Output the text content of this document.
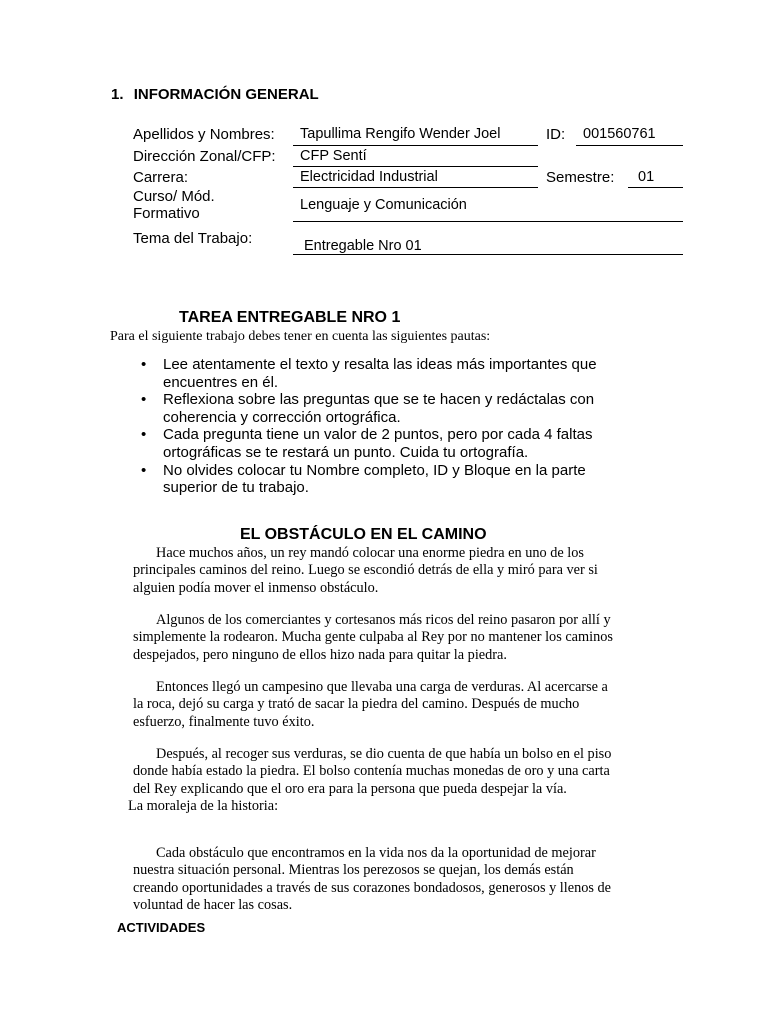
1. INFORMACIÓN GENERAL
Apellidos y Nombres: Tapullima Rengifo Wender Joel	ID: 001560761
Dirección Zonal/CFP: CFP Sentí
Carrera:	Electricidad Industrial	Semestre: 01
Curso/ Mód.
Formativo	Lenguaje y Comunicación
Tema del Trabajo:	Entregable Nro 01
TAREA ENTREGABLE NRO 1
Para el siguiente trabajo debes tener en cuenta las siguientes pautas:
• Lee atentamente el texto y resalta las ideas más importantes que
encuentres en él.
• Reflexiona sobre las preguntas que se te hacen y redáctalas con
coherencia y corrección ortográfica.
• Cada pregunta tiene un valor de 2 puntos, pero por cada 4 faltas
ortográficas se te restará un punto. Cuida tu ortografía.
• No olvides colocar tu Nombre completo, ID y Bloque en la parte
superior de tu trabajo.
EL OBSTÁCULO EN EL CAMINO
Hace muchos años, un rey mandó colocar una enorme piedra en uno de los
principales caminos del reino. Luego se escondió detrás de ella y miró para ver si
alguien podía mover el inmenso obstáculo.
Algunos de los comerciantes y cortesanos más ricos del reino pasaron por allí y
simplemente la rodearon. Mucha gente culpaba al Rey por no mantener los caminos
despejados, pero ninguno de ellos hizo nada para quitar la piedra.
Entonces llegó un campesino que llevaba una carga de verduras. Al acercarse a
la roca, dejó su carga y trató de sacar la piedra del camino. Después de mucho
esfuerzo, finalmente tuvo éxito.
Después, al recoger sus verduras, se dio cuenta de que había un bolso en el piso
donde había estado la piedra. El bolso contenía muchas monedas de oro y una carta
del Rey explicando que el oro era para la persona que pueda despejar la vía.
La moraleja de la historia:
Cada obstáculo que encontramos en la vida nos da la oportunidad de mejorar
nuestra situación personal. Mientras los perezosos se quejan, los demás están
creando oportunidades a través de sus corazones bondadosos, generosos y llenos de
voluntad de hacer las cosas.
ACTIVIDADES
